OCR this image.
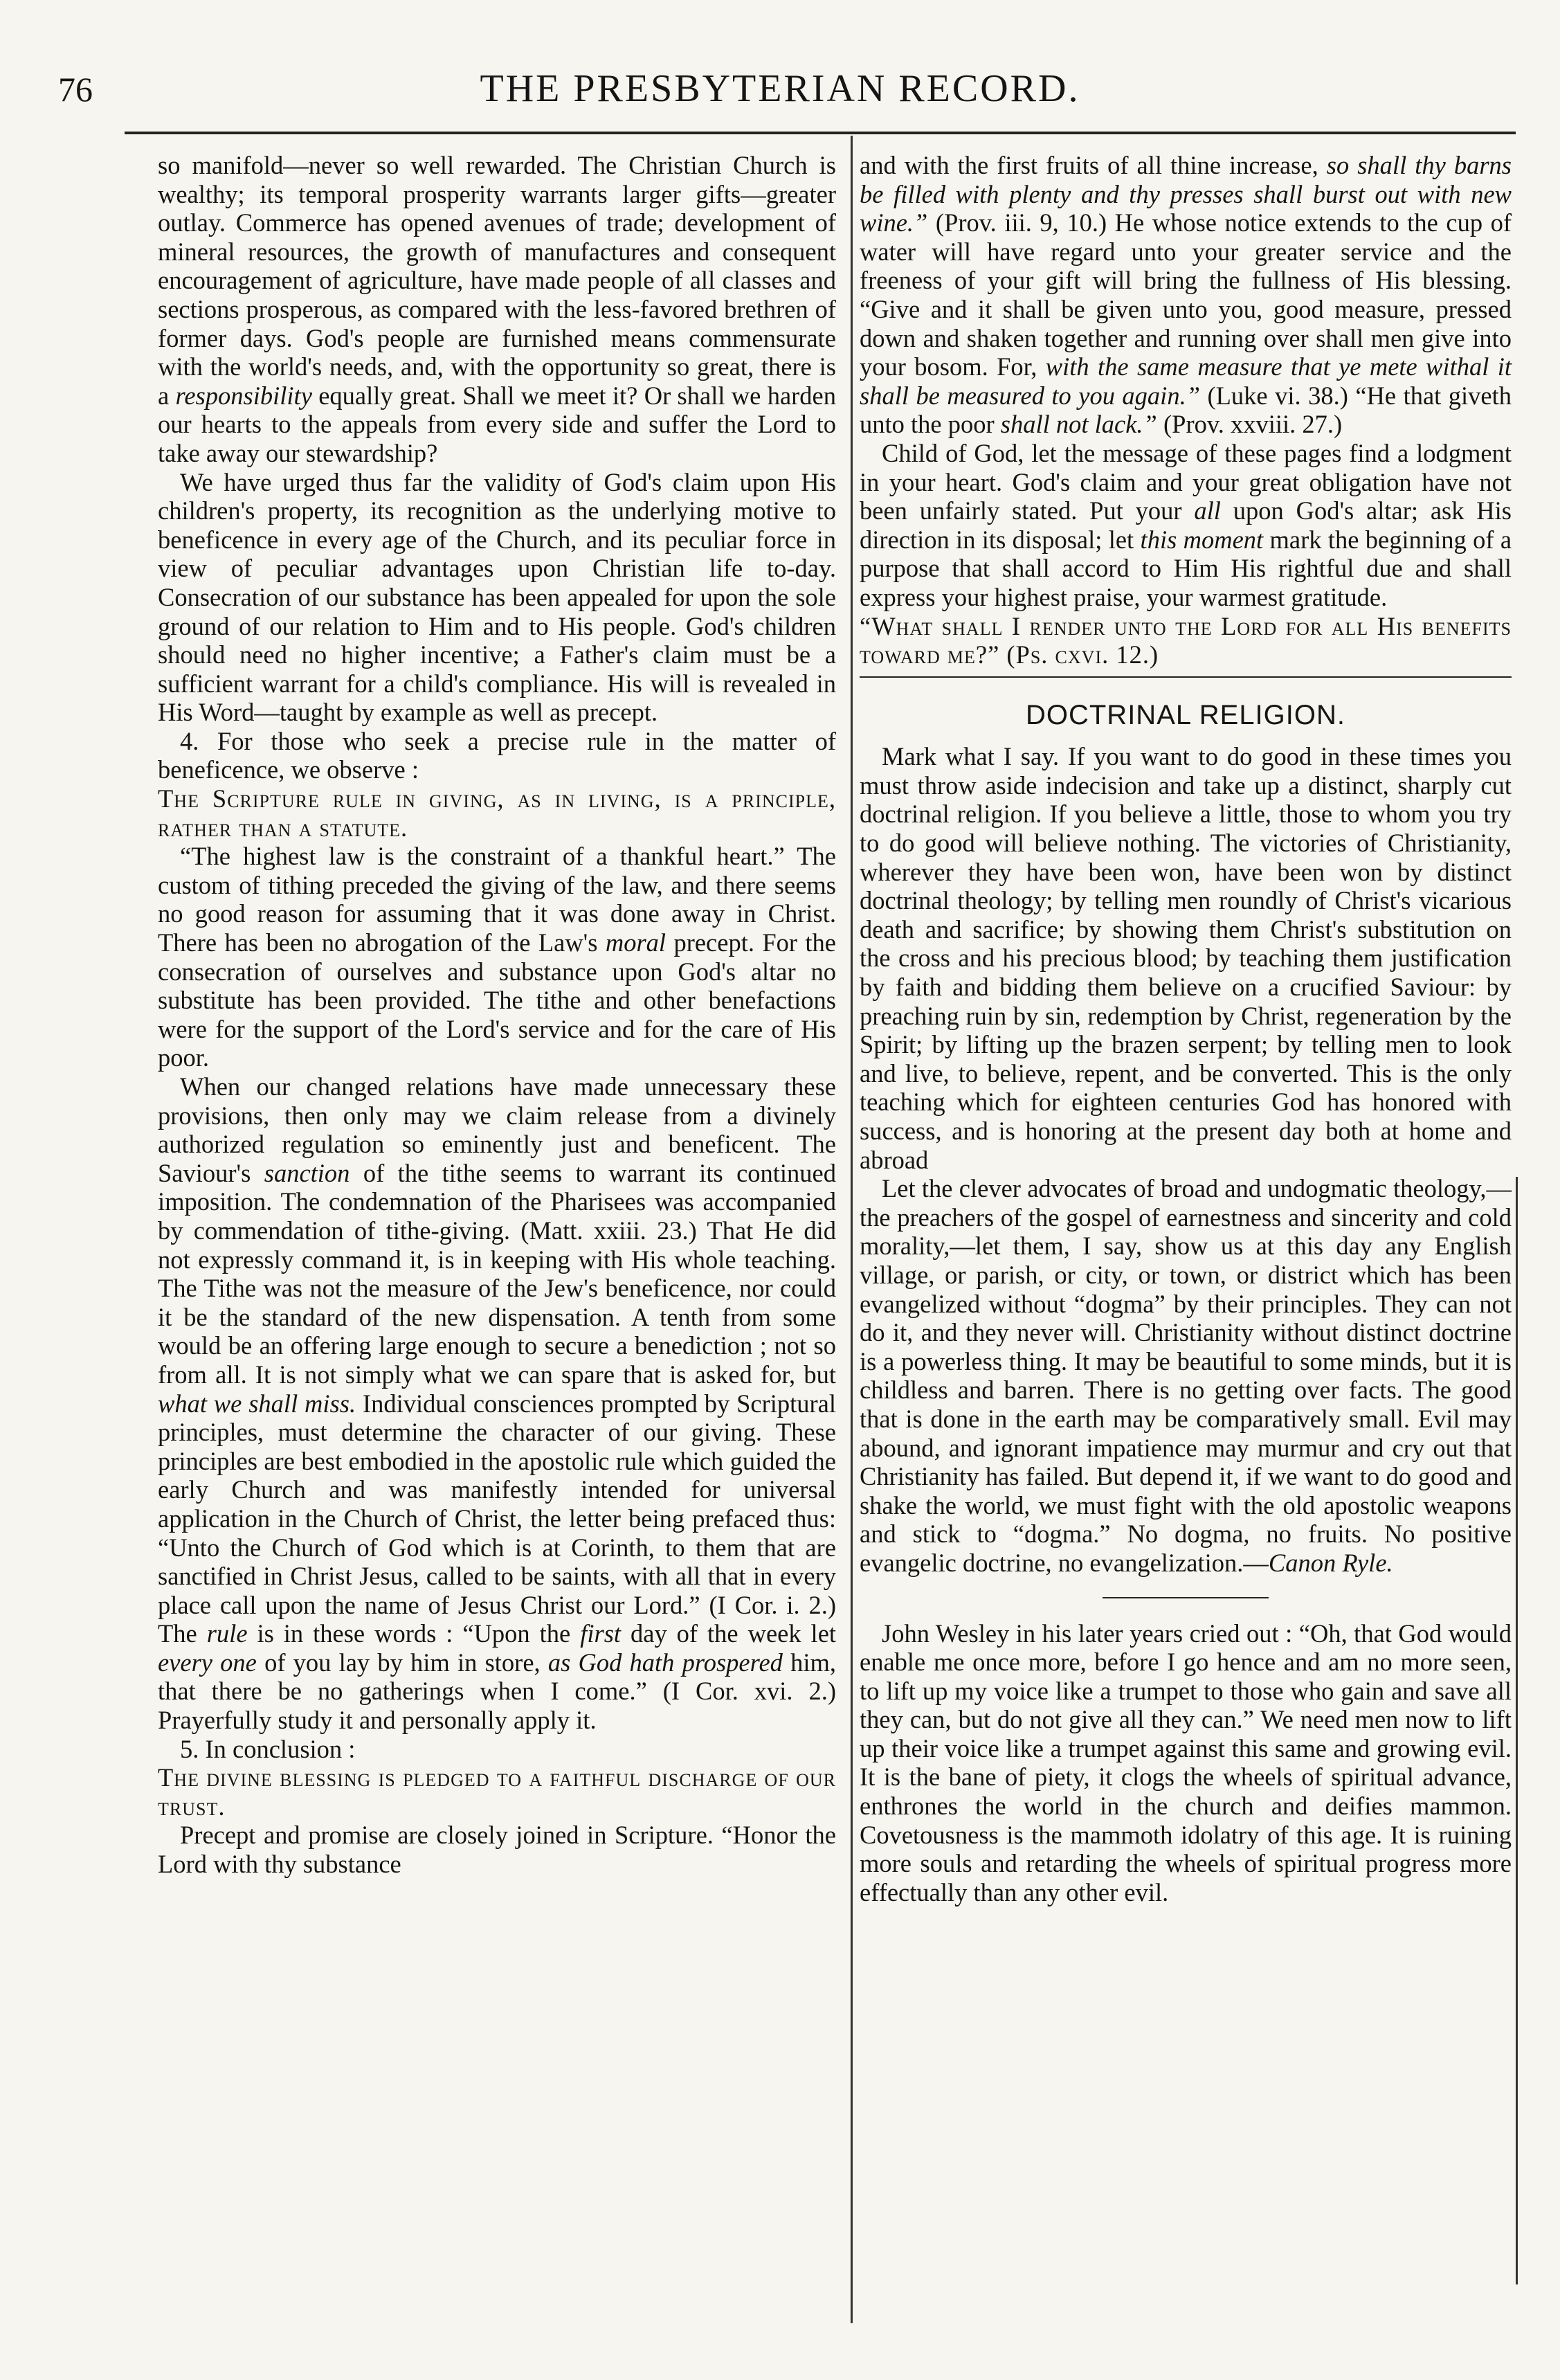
76	THE PRESBYTERIAN RECORD.

so manifold—never so well rewarded. The Christian Church is wealthy; its temporal prosperity warrants larger gifts—greater outlay. Commerce has opened avenues of trade; development of mineral resources, the growth of manufactures and consequent encouragement of agriculture, have made people of all classes and sections prosperous, as compared with the less-favored brethren of former days. God's people are furnished means commensurate with the world's needs, and, with the opportunity so great, there is a responsibility equally great. Shall we meet it? Or shall we harden our hearts to the appeals from every side and suffer the Lord to take away our stewardship?

We have urged thus far the validity of God's claim upon His children's property, its recognition as the underlying motive to beneficence in every age of the Church, and its peculiar force in view of peculiar advantages upon Christian life to-day. Consecration of our substance has been appealed for upon the sole ground of our relation to Him and to His people. God's children should need no higher incentive; a Father's claim must be a sufficient warrant for a child's compliance. His will is revealed in His Word—taught by example as well as precept.

4. For those who seek a precise rule in the matter of beneficence, we observe :

The Scripture rule in giving, as in living, is a principle, rather than a statute.

“The highest law is the constraint of a thankful heart.” The custom of tithing preceded the giving of the law, and there seems no good reason for assuming that it was done away in Christ. There has been no abrogation of the Law's moral precept. For the consecration of ourselves and substance upon God's altar no substitute has been provided. The tithe and other benefactions were for the support of the Lord's service and for the care of His poor.

When our changed relations have made unnecessary these provisions, then only may we claim release from a divinely authorized regulation so eminently just and beneficent. The Saviour's sanction of the tithe seems to warrant its continued imposition. The condemnation of the Pharisees was accompanied by commendation of tithe-giving. (Matt. xxiii. 23.) That He did not expressly command it, is in keeping with His whole teaching. The Tithe was not the measure of the Jew's beneficence, nor could it be the standard of the new dispensation. A tenth from some would be an offering large enough to secure a benediction ; not so from all. It is not simply what we can spare that is asked for, but what we shall miss. Individual consciences prompted by Scriptural principles, must determine the character of our giving. These principles are best embodied in the apostolic rule which guided the early Church and was manifestly intended for universal application in the Church of Christ, the letter being prefaced thus: “Unto the Church of God which is at Corinth, to them that are sanctified in Christ Jesus, called to be saints, with all that in every place call upon the name of Jesus Christ our Lord.” (I Cor. i. 2.) The rule is in these words : “Upon the first day of the week let every one of you lay by him in store, as God hath prospered him, that there be no gatherings when I come.” (I Cor. xvi. 2.) Prayerfully study it and personally apply it.

5. In conclusion :

The divine blessing is pledged to a faithful discharge of our trust.

Precept and promise are closely joined in Scripture. “Honor the Lord with thy substance

and with the first fruits of all thine increase, so shall thy barns be filled with plenty and thy presses shall burst out with new wine.” (Prov. iii. 9, 10.) He whose notice extends to the cup of water will have regard unto your greater service and the freeness of your gift will bring the fullness of His blessing. “Give and it shall be given unto you, good measure, pressed down and shaken together and running over shall men give into your bosom. For, with the same measure that ye mete withal it shall be measured to you again.” (Luke vi. 38.) “He that giveth unto the poor shall not lack.” (Prov. xxviii. 27.)

Child of God, let the message of these pages find a lodgment in your heart. God's claim and your great obligation have not been unfairly stated. Put your all upon God's altar; ask His direction in its disposal; let this moment mark the beginning of a purpose that shall accord to Him His rightful due and shall express your highest praise, your warmest gratitude.

“What shall I render unto the Lord for all His benefits toward me?” (Ps. cxvi. 12.)

DOCTRINAL RELIGION.

Mark what I say. If you want to do good in these times you must throw aside indecision and take up a distinct, sharply cut doctrinal religion. If you believe a little, those to whom you try to do good will believe nothing. The victories of Christianity, wherever they have been won, have been won by distinct doctrinal theology; by telling men roundly of Christ's vicarious death and sacrifice; by showing them Christ's substitution on the cross and his precious blood; by teaching them justification by faith and bidding them believe on a crucified Saviour: by preaching ruin by sin, redemption by Christ, regeneration by the Spirit; by lifting up the brazen serpent; by telling men to look and live, to believe, repent, and be converted. This is the only teaching which for eighteen centuries God has honored with success, and is honoring at the present day both at home and abroad

Let the clever advocates of broad and undogmatic theology,—the preachers of the gospel of earnestness and sincerity and cold morality,—let them, I say, show us at this day any English village, or parish, or city, or town, or district which has been evangelized without “dogma” by their principles. They can not do it, and they never will. Christianity without distinct doctrine is a powerless thing. It may be beautiful to some minds, but it is childless and barren. There is no getting over facts. The good that is done in the earth may be comparatively small. Evil may abound, and ignorant impatience may murmur and cry out that Christianity has failed. But depend it, if we want to do good and shake the world, we must fight with the old apostolic weapons and stick to “dogma.” No dogma, no fruits. No positive evangelic doctrine, no evangelization.—Canon Ryle.

John Wesley in his later years cried out : “Oh, that God would enable me once more, before I go hence and am no more seen, to lift up my voice like a trumpet to those who gain and save all they can, but do not give all they can.” We need men now to lift up their voice like a trumpet against this same and growing evil. It is the bane of piety, it clogs the wheels of spiritual advance, enthrones the world in the church and deifies mammon. Covetousness is the mammoth idolatry of this age. It is ruining more souls and retarding the wheels of spiritual progress more effectually than any other evil.
